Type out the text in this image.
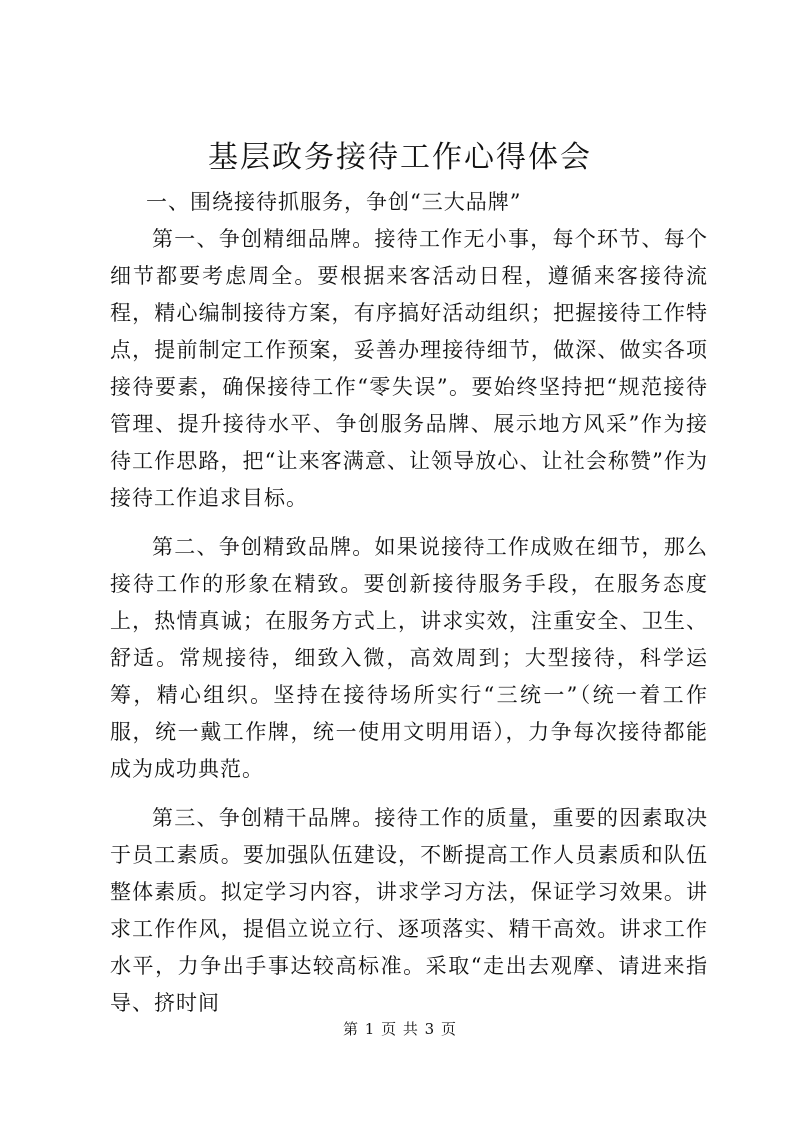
基层政务接待工作心得体会

一、围绕接待抓服务，争创“三大品牌”

第一、争创精细品牌。接待工作无小事，每个环节、每个细节都要考虑周全。要根据来客活动日程，遵循来客接待流程，精心编制接待方案，有序搞好活动组织；把握接待工作特点，提前制定工作预案，妥善办理接待细节，做深、做实各项接待要素，确保接待工作“零失误”。要始终坚持把“规范接待管理、提升接待水平、争创服务品牌、展示地方风采”作为接待工作思路，把“让来客满意、让领导放心、让社会称赞”作为接待工作追求目标。

第二、争创精致品牌。如果说接待工作成败在细节，那么接待工作的形象在精致。要创新接待服务手段，在服务态度上，热情真诚；在服务方式上，讲求实效，注重安全、卫生、舒适。常规接待，细致入微，高效周到；大型接待，科学运筹，精心组织。坚持在接待场所实行“三统一”（统一着工作服，统一戴工作牌，统一使用文明用语），力争每次接待都能成为成功典范。

第三、争创精干品牌。接待工作的质量，重要的因素取决于员工素质。要加强队伍建设，不断提高工作人员素质和队伍整体素质。拟定学习内容，讲求学习方法，保证学习效果。讲求工作作风，提倡立说立行、逐项落实、精干高效。讲求工作水平，力争出手事达较高标准。采取“走出去观摩、请进来指导、挤时间

第 1 页 共 3 页
